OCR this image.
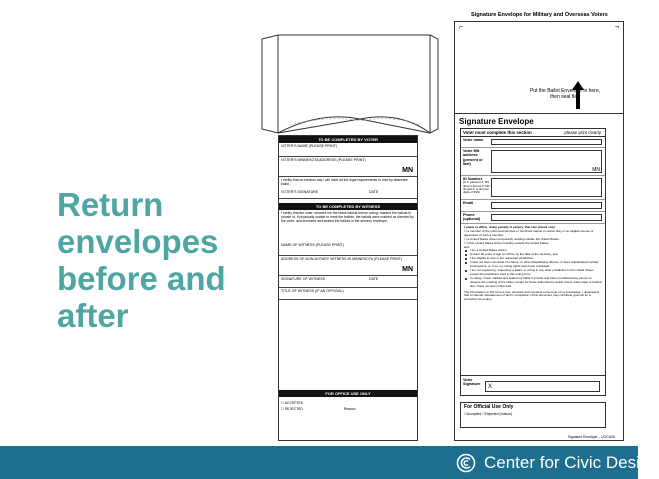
Return
envelopes
before and
after
TO BE COMPLETED BY VOTER
VOTER'S NAME (PLEASE PRINT)
VOTER'S MINNESOTA ADDRESS (PLEASE PRINT)
MN
I certify that on election day I will meet all the legal requirements to vote by absentee ballot.
VOTER'S SIGNATURE	DATE
TO BE COMPLETED BY WITNESS
I certify that the voter: showed me the blank ballots before voting; marked the ballots in private or, if physically unable to mark the ballots, the ballots were marked as directed by the voter; and enclosed and sealed the ballots in the secrecy envelope.
NAME OF WITNESS (PLEASE PRINT)
ADDRESS OF NON-NOTARY WITNESS IN MINNESOTA (PLEASE PRINT)
MN
SIGNATURE OF WITNESS	DATE
TITLE OF WITNESS (IF AN OFFICIAL)
FOR OFFICE USE ONLY
☐ ACCEPTED
☐ REJECTED	Reason
Signature Envelope for Military and Overseas Voters
⌐	¬
Put the Ballot Envelope in here, then seal flap
Signature Envelope
Voter must complete this section	please print clearly
Voter name
Voter MN address (present or last)
MN
ID Number
(U.S. passport #, MN driver's license #, MN ID card #, or last four digits of SSN)
Email
Phone (optional)
I swear or affirm, under penalty of perjury, that I am (check one):
☐ a member of the uniformed services or merchant marine on active duty or an eligible spouse or dependent of such a member;
☐ a United States citizen temporarily residing outside the United States;
☐ other United States citizen residing outside the United States.
and
I am a United States citizen,
at least 18 years of age (or will be by the date of the election), and
I am eligible to vote in the requested jurisdiction.
I have not been convicted of a felony, or other disqualifying offense, or been adjudicated mentally incompetent, or, if so, my voting rights have been reinstated.
I am not registering, requesting a ballot, or voting in any other jurisdiction in the United States except the jurisdiction cited in this voting form.
In voting, I have marked and sealed my ballot in private and have not allowed any person to observe the marking of the ballot, except for those authorized to assist voters under state or federal law. I have not been influenced.
The information on this form is true, accurate and complete to the best of my knowledge. I understand that a material misstatement of fact in completion of this document may constitute grounds for a conviction for perjury.
Voter Signature	X
For Official Use Only
☐Accepted ☐Rejected (reason)
Signature Envelope – UOCAVA
Center for Civic Design
